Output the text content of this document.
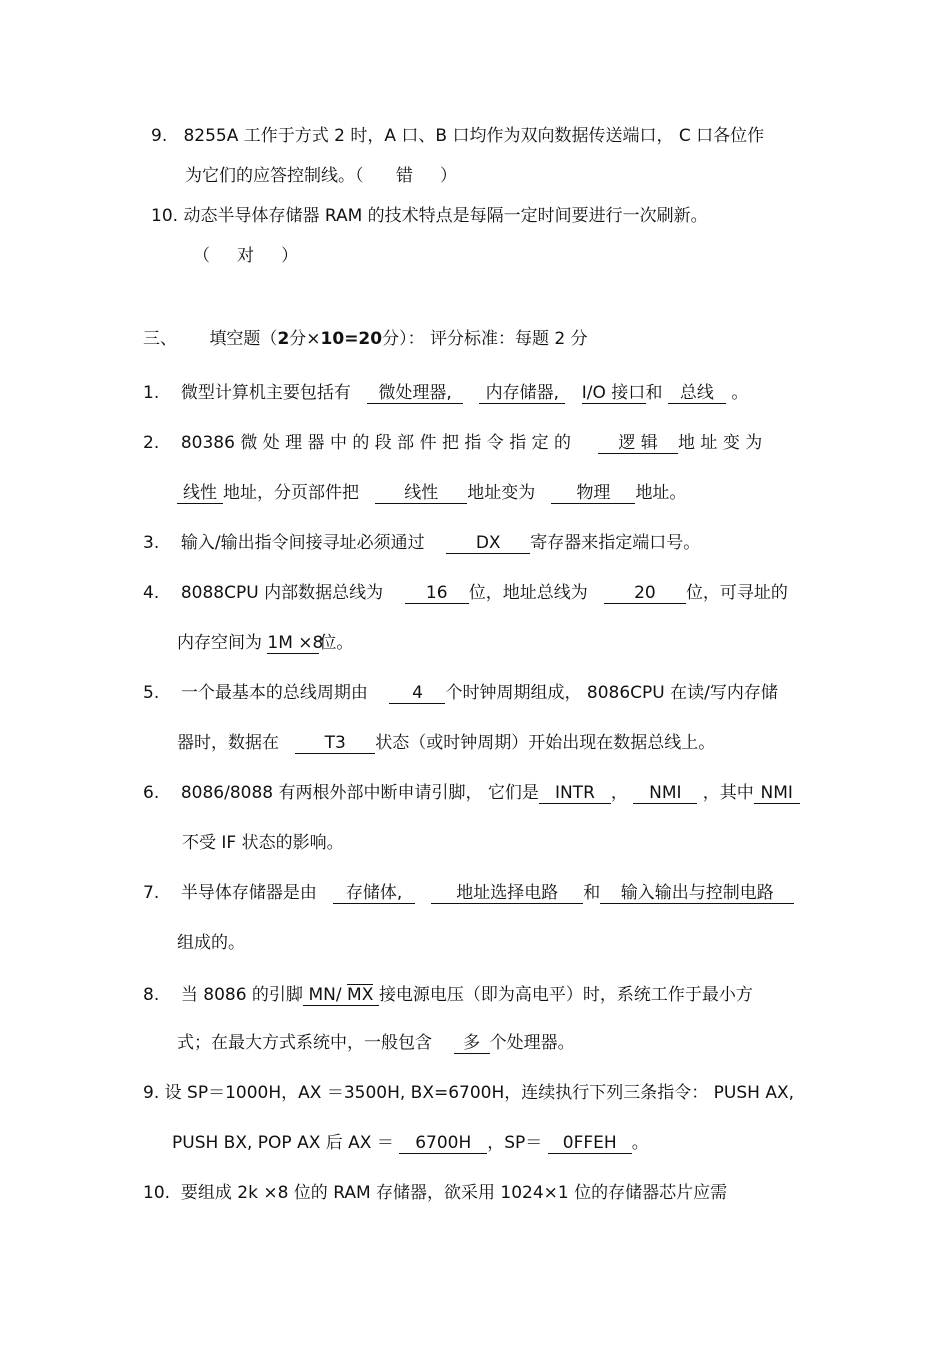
9. 8255A 工作于方式 2 时，A 口、B 口均作为双向数据传送端口， C 口各位作
为它们的应答控制线。（ 错 ）
10. 动态半导体存储器 RAM 的技术特点是每隔一定时间要进行一次刷新。
（ 对 ）
三、 填空题（2分×10=20分）： 评分标准：每题 2 分
1. 微型计算机主要包括有 微处理器, 内存储器, I/O 接口和 总线 。
2. 80386 微 处 理 器 中 的 段 部 件 把 指 令 指 定 的	逻 辑 地 址 变 为
线性 地址，分页部件把	线性 地址变为 物理 地址。
3. 输入/输出指令间接寻址必须通过	DX 寄存器来指定端口号。
4. 8088CPU 内部数据总线为	16 位，地址总线为	20 位，可寻址的
内存空间为 1M ×8位。
5. 一个最基本的总线周期由	4 个时钟周期组成， 8086CPU 在读/写内存储
器时，数据在	T3 状态（或时钟周期）开始出现在数据总线上。
6. 8086/8088 有两根外部中断申请引脚， 它们是 INTR ， NMI ，其中 NMI
不受 IF 状态的影响。
7. 半导体存储器是由 存储体,	地址选择电路 和 输入输出与控制电路
组成的。
8. 当 8086 的引脚 MN/ MX 接电源电压（即为高电平）时，系统工作于最小方
式；在最大方式系统中，一般包含 多 个处理器。
9. 设 SP＝1000H，AX ＝3500H, BX=6700H，连续执行下列三条指令： PUSH AX,
PUSH BX, POP AX 后 AX ＝ 6700H ，SP＝ 0FFEH 。
10. 要组成 2k ×8 位的 RAM 存储器，欲采用 1024×1 位的存储器芯片应需
